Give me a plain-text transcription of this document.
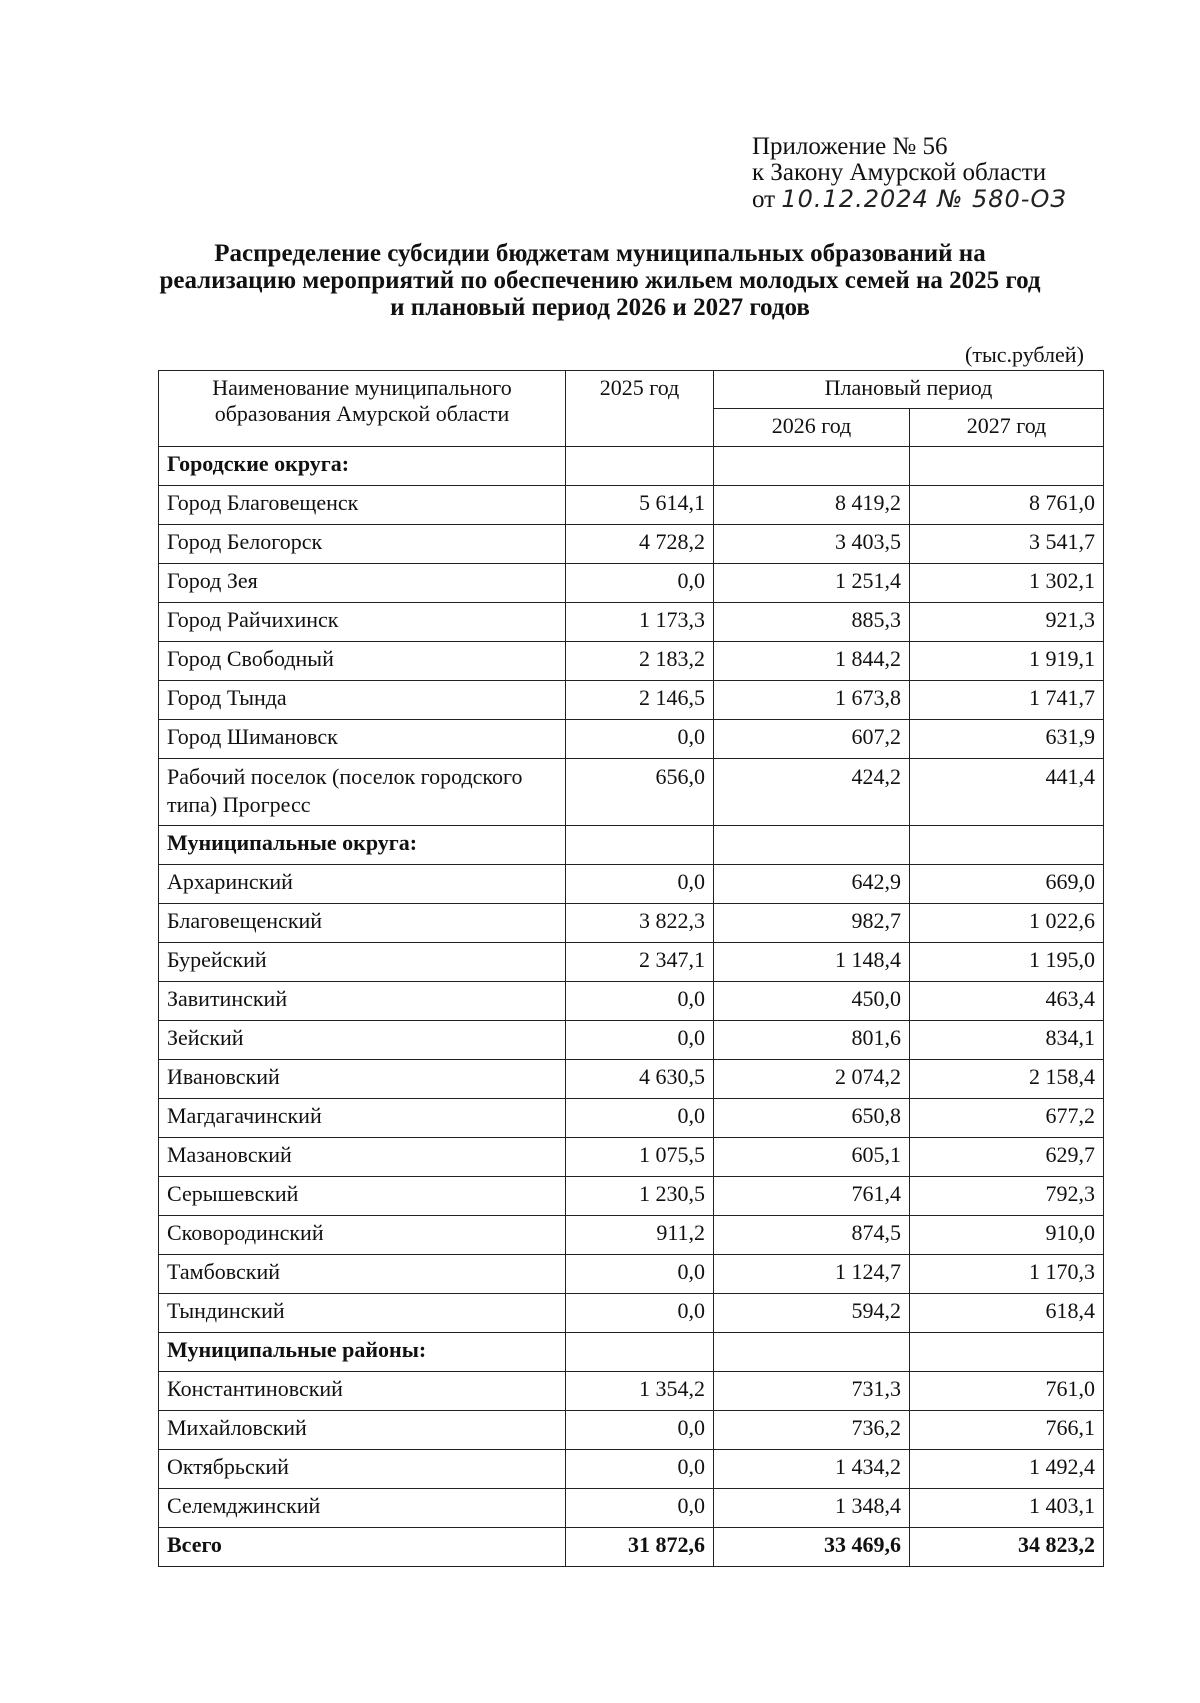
Приложение № 56
к Закону Амурской области
от 10.12.2024 № 580-ОЗ
Распределение субсидии бюджетам муниципальных образований на реализацию мероприятий по обеспечению жильем молодых семей на 2025 год и плановый период 2026 и 2027 годов
(тыс.рублей)
Наименование муниципального образования Амурской области	2025 год	Плановый период	
		2026 год	2027 год
Городские округа:			
Город Благовещенск	5 614,1	8 419,2	8 761,0
Город Белогорск	4 728,2	3 403,5	3 541,7
Город Зея	0,0	1 251,4	1 302,1
Город Райчихинск	1 173,3	885,3	921,3
Город Свободный	2 183,2	1 844,2	1 919,1
Город Тында	2 146,5	1 673,8	1 741,7
Город Шимановск	0,0	607,2	631,9
Рабочий поселок (поселок городского типа) Прогресс	656,0	424,2	441,4
Муниципальные округа:			
Архаринский	0,0	642,9	669,0
Благовещенский	3 822,3	982,7	1 022,6
Бурейский	2 347,1	1 148,4	1 195,0
Завитинский	0,0	450,0	463,4
Зейский	0,0	801,6	834,1
Ивановский	4 630,5	2 074,2	2 158,4
Магдагачинский	0,0	650,8	677,2
Мазановский	1 075,5	605,1	629,7
Серышевский	1 230,5	761,4	792,3
Сковородинский	911,2	874,5	910,0
Тамбовский	0,0	1 124,7	1 170,3
Тындинский	0,0	594,2	618,4
Муниципальные районы:			
Константиновский	1 354,2	731,3	761,0
Михайловский	0,0	736,2	766,1
Октябрьский	0,0	1 434,2	1 492,4
Селемджинский	0,0	1 348,4	1 403,1
Всего	31 872,6	33 469,6	34 823,2
